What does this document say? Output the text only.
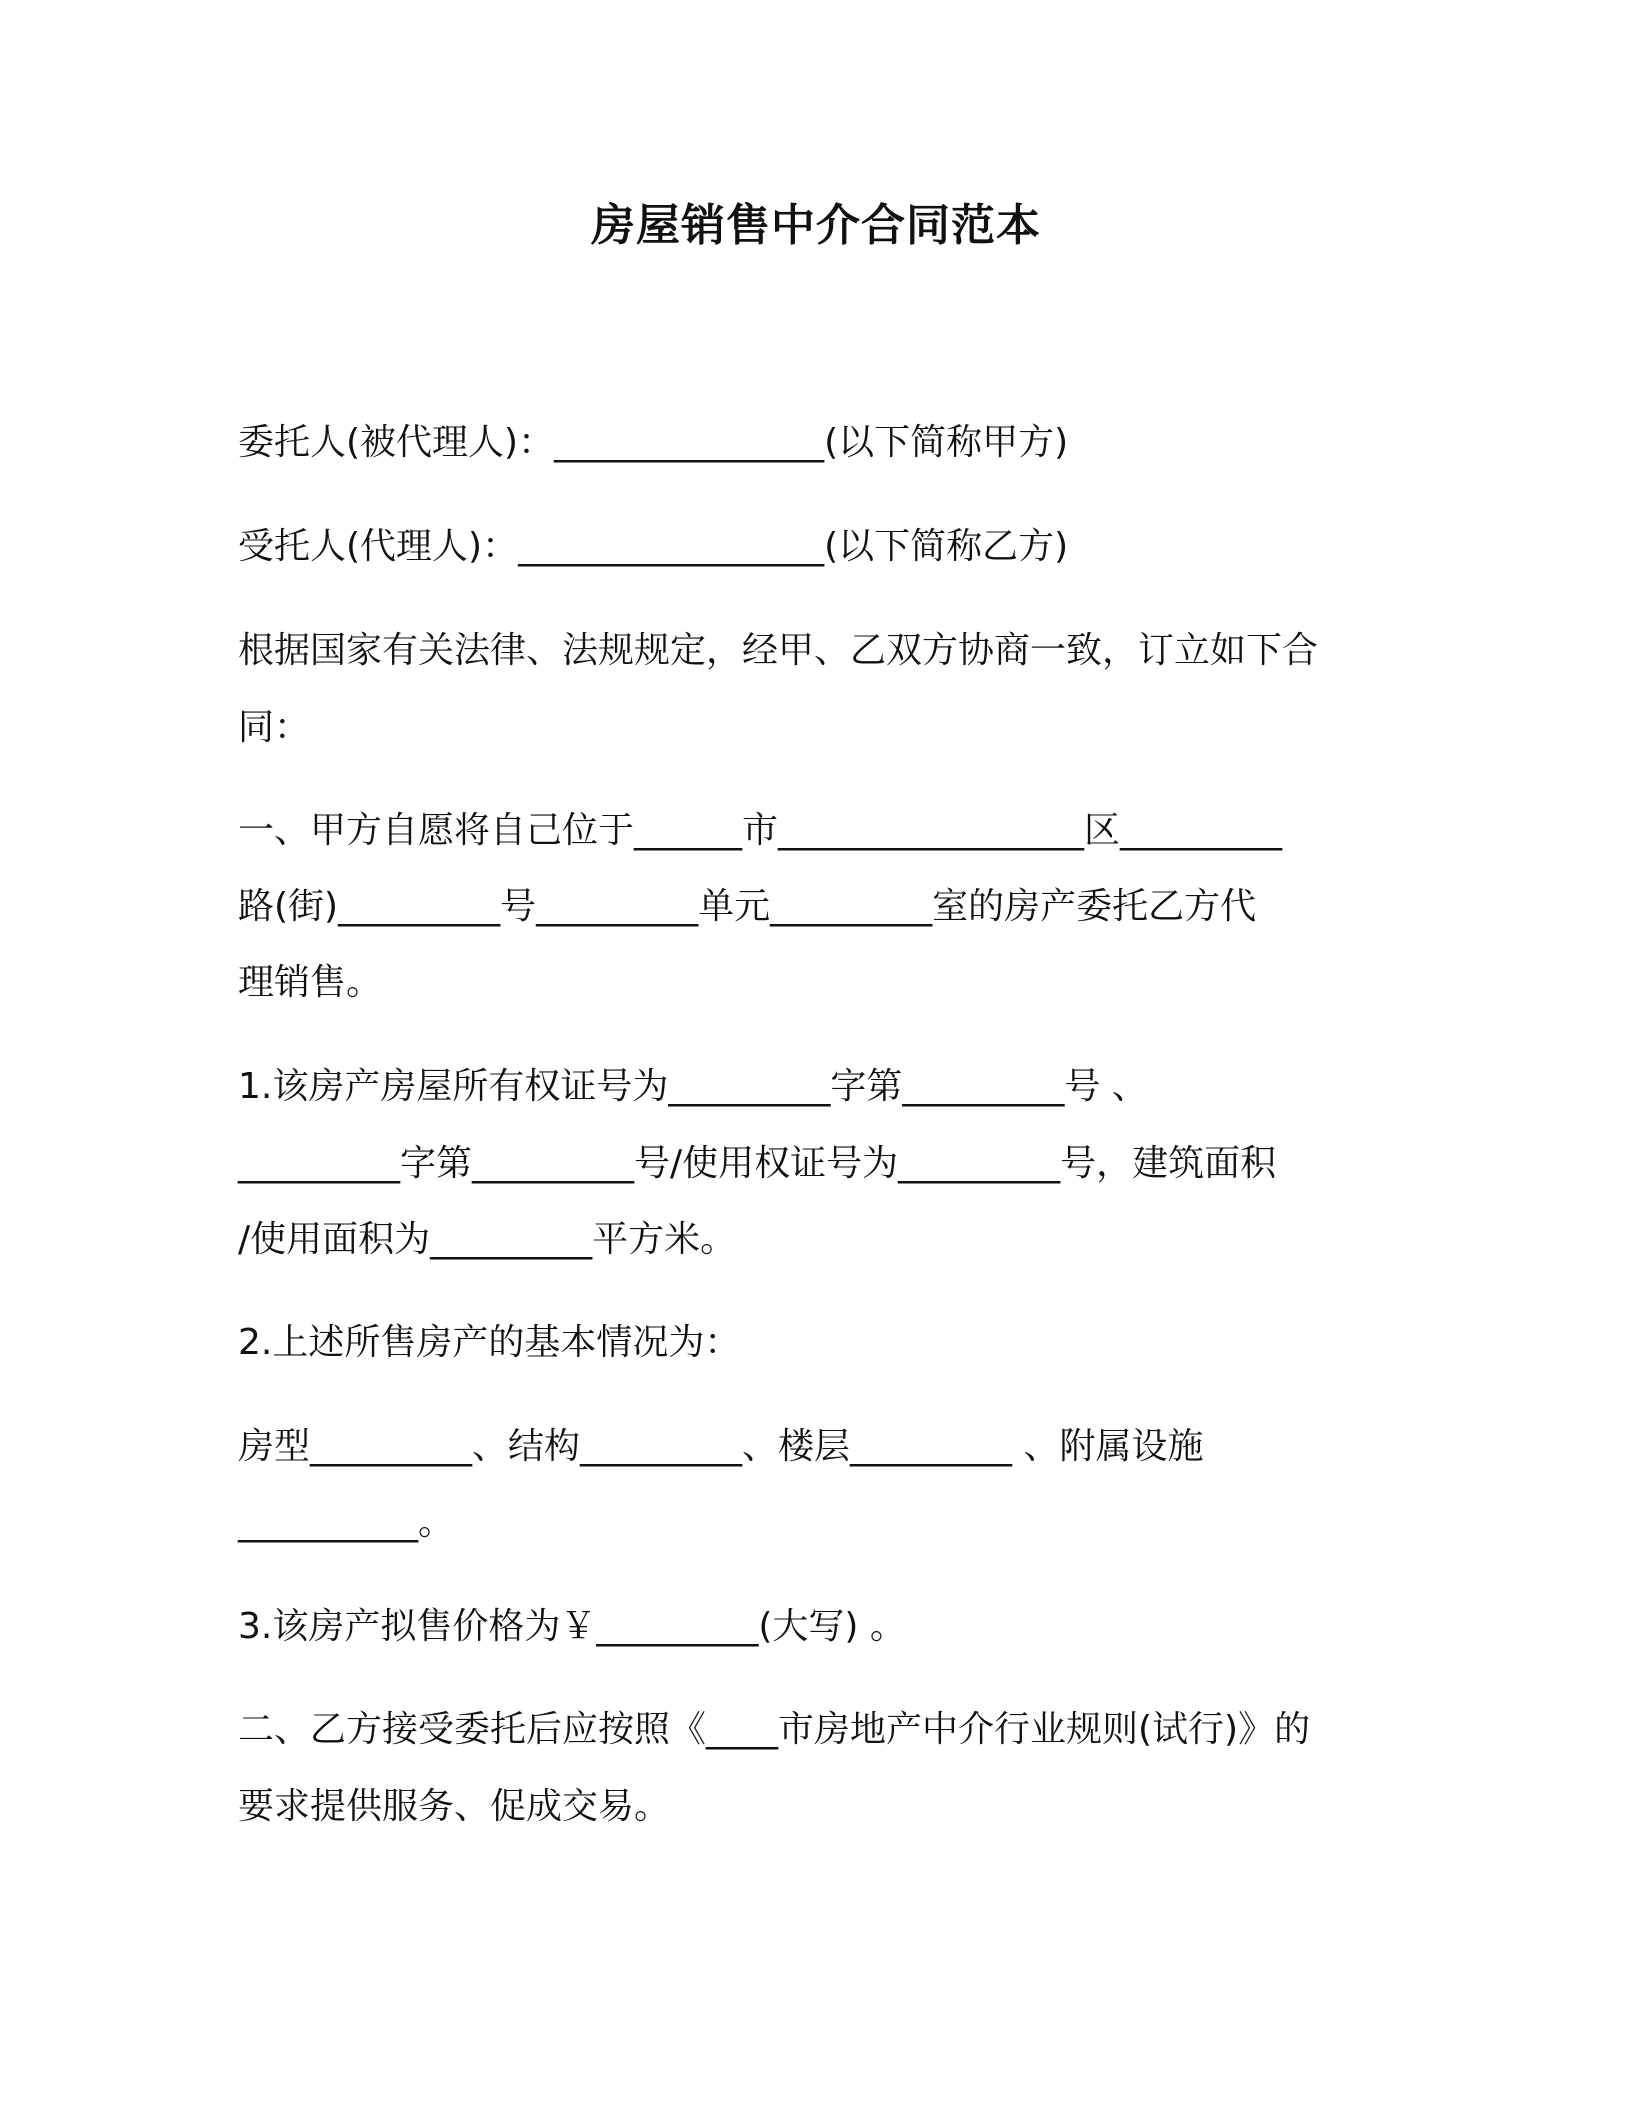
房屋销售中介合同范本
委托人(被代理人)：_______________(以下简称甲方)
受托人(代理人)：_________________(以下简称乙方)
根据国家有关法律、法规规定，经甲、乙双方协商一致，订立如下合
同：
一、甲方自愿将自己位于______市_________________区_________
路(街)_________号_________单元_________室的房产委托乙方代
理销售。
1.该房产房屋所有权证号为_________字第_________号 、
_________字第_________号/使用权证号为_________号，建筑面积
/使用面积为_________平方米。
2.上述所售房产的基本情况为：
房型_________、结构_________、楼层_________ 、附属设施
__________。
3.该房产拟售价格为￥_________(大写) 。
二、乙方接受委托后应按照《____市房地产中介行业规则(试行)》的
要求提供服务、促成交易。
